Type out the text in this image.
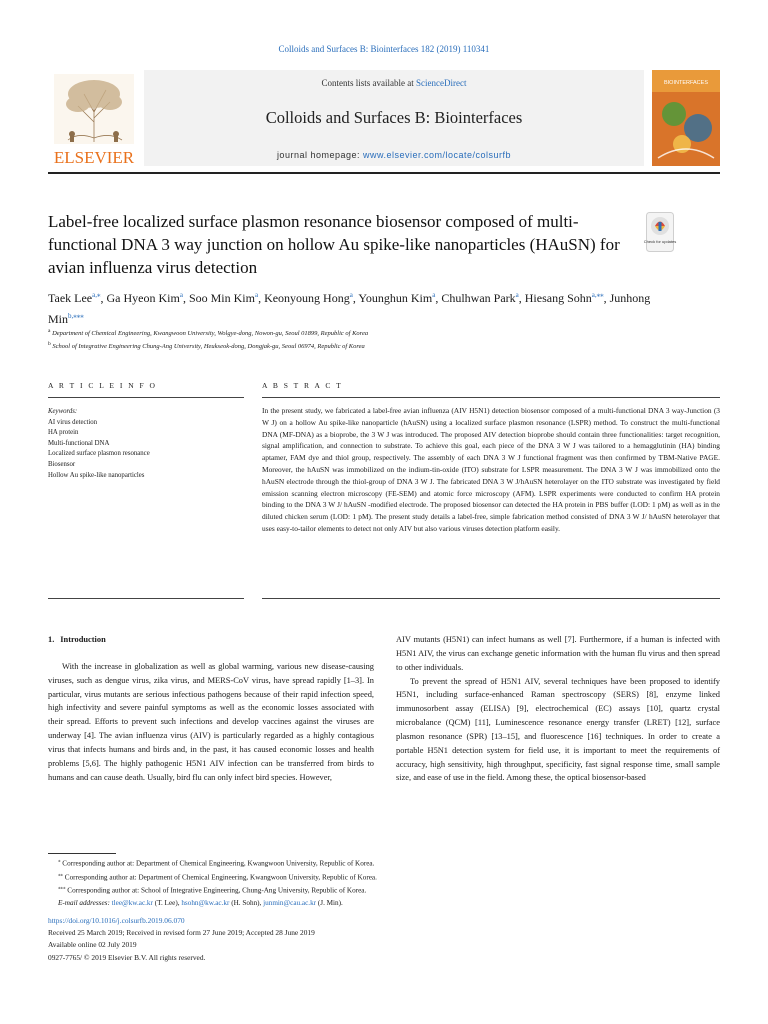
Colloids and Surfaces B: Biointerfaces 182 (2019) 110341
ELSEVIER
Contents lists available at ScienceDirect
Colloids and Surfaces B: Biointerfaces
journal homepage: www.elsevier.com/locate/colsurfb
BIOINTERFACES
Label-free localized surface plasmon resonance biosensor composed of multi-functional DNA 3 way junction on hollow Au spike-like nanoparticles (HAuSN) for avian influenza virus detection
Check for updates
Taek Lee$^{a,⁎}$, Ga Hyeon Kim$^a$, Soo Min Kim$^a$, Keonyoung Hong$^a$, Younghun Kim$^a$, Chulhwan Park$^a$, Hiesang Sohn$^{a,⁎⁎}$, Junhong Min$^{b,⁎⁎⁎}$
$^a$ Department of Chemical Engineering, Kwangwoon University, Wolgye-dong, Nowon-gu, Seoul 01899, Republic of Korea
$^b$ School of Integrative Engineering Chung-Ang University, Heukseok-dong, Dongjak-gu, Seoul 06974, Republic of Korea
A R T I C L E I N F O	A B S T R A C T
Keywords:
AI virus detection
HA protein
Multi-functional DNA
Localized surface plasmon resonance
Biosensor
Hollow Au spike-like nanoparticles

In the present study, we fabricated a label-free avian influenza (AIV H5N1) detection biosensor composed of a multi-functional DNA 3 way-Junction (3 W J) on a hollow Au spike-like nanoparticle (hAuSN) using a localized surface plasmon resonance (LSPR) method. To construct the multi-functional DNA (MF-DNA) as a bioprobe, the 3 W J was introduced. The proposed AIV detection bioprobe should contain three functionalities: target recognition, signal amplification, and connection to substrate. To achieve this goal, each piece of the DNA 3 W J was tailored to a hemagglutinin (HA) binding aptamer, FAM dye and thiol group, respectively. The assembly of each DNA 3 W J functional fragment was then confirmed by TBM-Native PAGE. Moreover, the hAuSN was immobilized on the indium-tin-oxide (ITO) substrate for LSPR measurement. The DNA 3 W J was immobilized onto the hAuSN electrode through the thiol-group of DNA 3 W J. The fabricated DNA 3 W J/hAuSN heterolayer on the ITO substrate was investigated by field emission scanning electron microscopy (FE-SEM) and atomic force microscopy (AFM). LSPR experiments were conducted to confirm HA protein binding to the DNA 3 W J/ hAuSN -modified electrode. The proposed biosensor can detected the HA protein in PBS buffer (LOD: 1 pM) as well as in the diluted chicken serum (LOD: 1 pM). The present study details a label-free, simple fabrication method consisted of DNA 3 W J/ hAuSN heterolayer that uses easy-to-tailor elements to detect not only AIV but also various viruses detection platform easily.

1. Introduction

With the increase in globalization as well as global warming, various new disease-causing viruses, such as dengue virus, zika virus, and MERS-CoV virus, have spread rapidly [1–3]. In particular, virus mutants are serious infectious pathogens because of their rapid infection speed, high infectivity and severe painful symptoms as well as the economic losses associated with their spread. Efforts to prevent such infections and develop vaccines against the viruses are underway [4]. The avian influenza virus (AIV) is particularly regarded as a highly contagious virus that infects humans and birds and, in the past, it has caused economic losses and health problems [5,6]. The highly pathogenic H5N1 AIV infection can be transferred from birds to humans and can cause death. Usually, bird flu can only infect bird species. However,

AIV mutants (H5N1) can infect humans as well [7]. Furthermore, if a human is infected with H5N1 AIV, the virus can exchange genetic information with the human flu virus and then spread to other individuals.

To prevent the spread of H5N1 AIV, several techniques have been proposed to identify H5N1, including surface-enhanced Raman spectroscopy (SERS) [8], enzyme linked immunosorbent assay (ELISA) [9], electrochemical (EC) assays [10], quartz crystal microbalance (QCM) [11], Luminescence resonance energy transfer (LRET) [12], surface plasmon resonance (SPR) [13–15], and fluorescence [16] techniques. In order to create a portable H5N1 detection system for field use, it is important to meet the requirements of accuracy, high sensitivity, high throughput, specificity, fast signal response time, small sample size, and ease of use in the field. Among these, the optical biosensor-based

⁎ Corresponding author at: Department of Chemical Engineering, Kwangwoon University, Republic of Korea.
⁎⁎ Corresponding author at: Department of Chemical Engineering, Kwangwoon University, Republic of Korea.
⁎⁎⁎ Corresponding author at: School of Integrative Engineering, Chung-Ang University, Republic of Korea.
E-mail addresses: tlee@kw.ac.kr (T. Lee), hsohn@kw.ac.kr (H. Sohn), junmin@cau.ac.kr (J. Min).
https://doi.org/10.1016/j.colsurfb.2019.06.070
Received 25 March 2019; Received in revised form 27 June 2019; Accepted 28 June 2019
Available online 02 July 2019
0927-7765/ © 2019 Elsevier B.V. All rights reserved.
